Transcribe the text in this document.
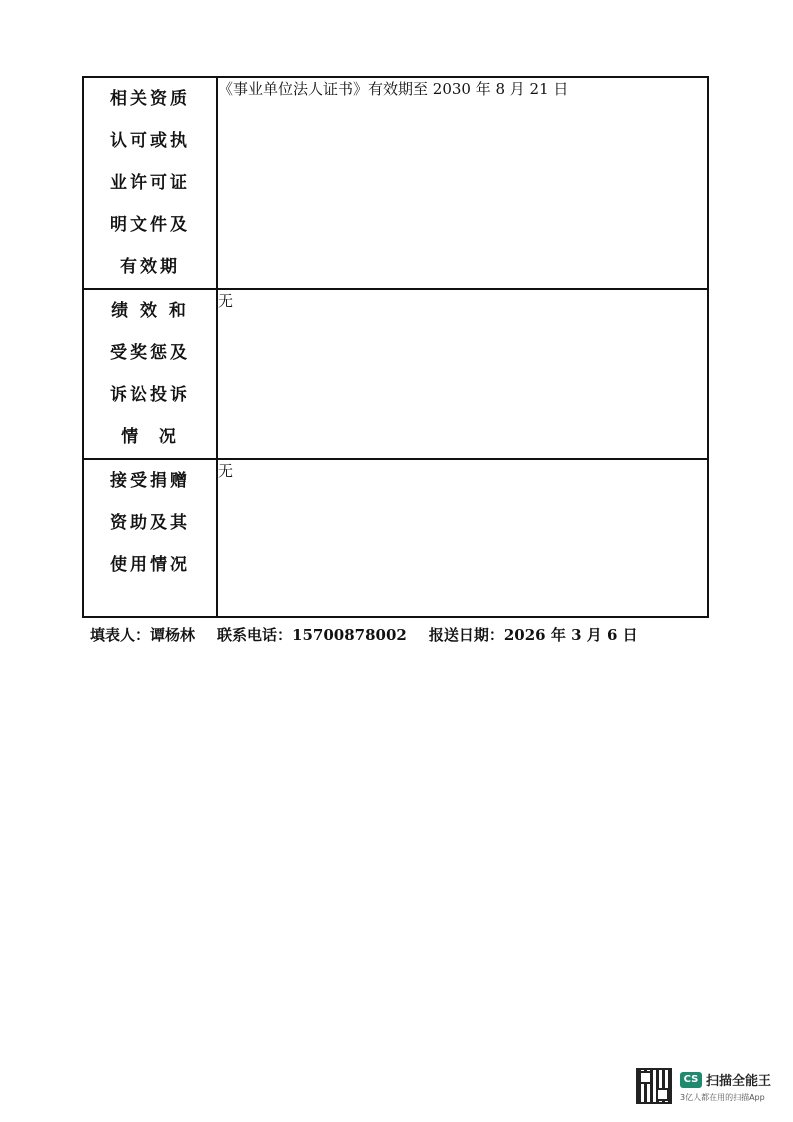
相关资质
认可或执
业许可证
明文件及
有效期	《事业单位法人证书》有效期至 2030 年 8 月 21 日

绩 效 和
受奖惩及
诉讼投诉
情  况	无

接受捐赠
资助及其
使用情况	无
填表人：谭杨林 联系电话：15700878002 报送日期：2026 年 3 月 6 日
CS 扫描全能王
3亿人都在用的扫描App
